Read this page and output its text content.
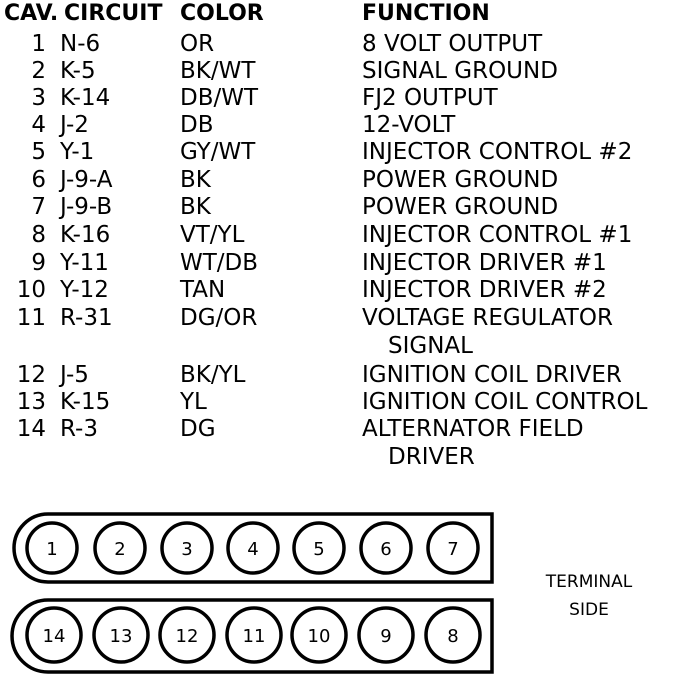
CAV. CIRCUIT COLOR	FUNCTION
1 N-6	OR	8 VOLT OUTPUT
2 K-5	BK/WT	SIGNAL GROUND
3 K-14	DB/WT	FJ2 OUTPUT
4 J-2	DB	12-VOLT
5 Y-1	GY/WT	INJECTOR CONTROL #2
6 J-9-A	BK	POWER GROUND
7 J-9-B	BK	POWER GROUND
8 K-16	VT/YL	INJECTOR CONTROL #1
9 Y-11	WT/DB	INJECTOR DRIVER #1
10 Y-12	TAN	INJECTOR DRIVER #2
11 R-31	DG/OR	VOLTAGE REGULATOR
SIGNAL
12 J-5	BK/YL	IGNITION COIL DRIVER
13 K-15	YL	IGNITION COIL CONTROL
14 R-3	DG	ALTERNATOR FIELD
DRIVER
1	2	3	4	5	6	7
14 13 12 11 10	9	8
TERMINAL
SIDE
